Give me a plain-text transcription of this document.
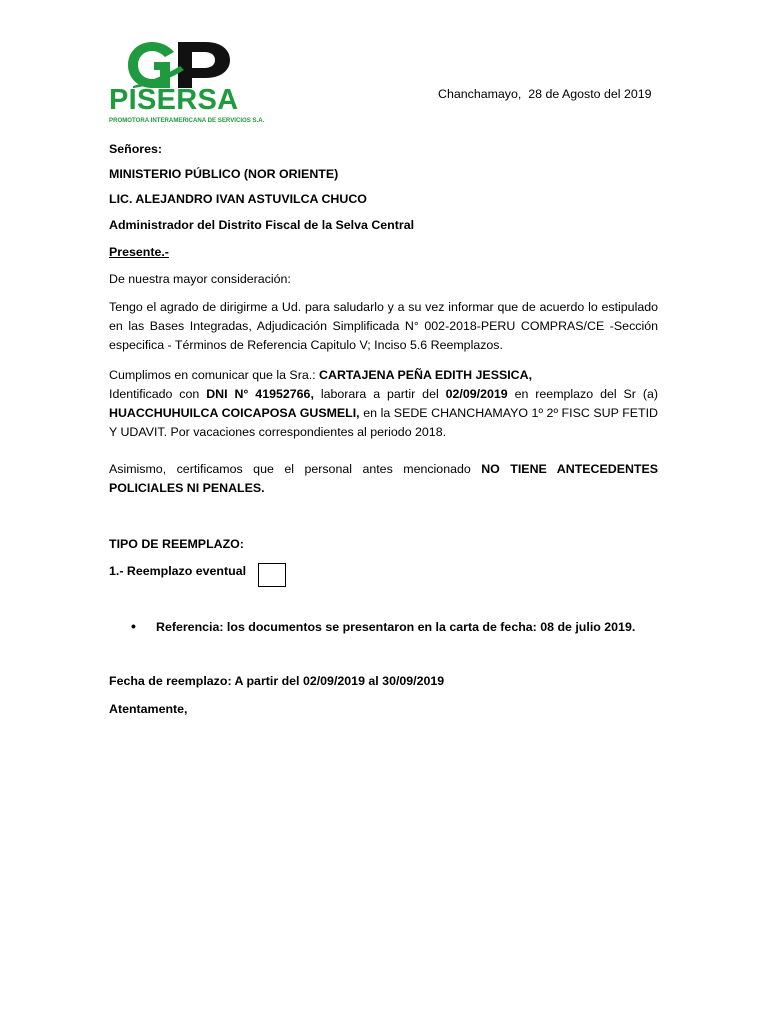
PISERSA
PROMOTORA INTERAMERICANA DE SERVICIOS S.A.
Chanchamayo,  28 de Agosto del 2019
Señores:
MINISTERIO PÚBLICO (NOR ORIENTE)
LIC. ALEJANDRO IVAN ASTUVILCA CHUCO
Administrador del Distrito Fiscal de la Selva Central
Presente.-
De nuestra mayor consideración:
Tengo el agrado de dirigirme a Ud. para saludarlo y a su vez informar que de acuerdo lo estipulado en las Bases Integradas, Adjudicación Simplificada N° 002-2018-PERU COMPRAS/CE -Sección especifica - Términos de Referencia Capitulo V; Inciso 5.6 Reemplazos.
Cumplimos en comunicar que la Sra.: CARTAJENA PEÑA EDITH JESSICA,
Identificado con DNI N° 41952766, laborara a partir del 02/09/2019 en reemplazo del Sr (a) HUACCHUHUILCA COICAPOSA GUSMELI, en la SEDE CHANCHAMAYO 1º 2º FISC SUP FETID Y UDAVIT. Por vacaciones correspondientes al periodo 2018.
Asimismo, certificamos que el personal antes mencionado NO TIENE ANTECEDENTES POLICIALES NI PENALES.
TIPO DE REEMPLAZO:
1.- Reemplazo eventual
• Referencia: los documentos se presentaron en la carta de fecha: 08 de julio 2019.
Fecha de reemplazo: A partir del 02/09/2019 al 30/09/2019
Atentamente,
